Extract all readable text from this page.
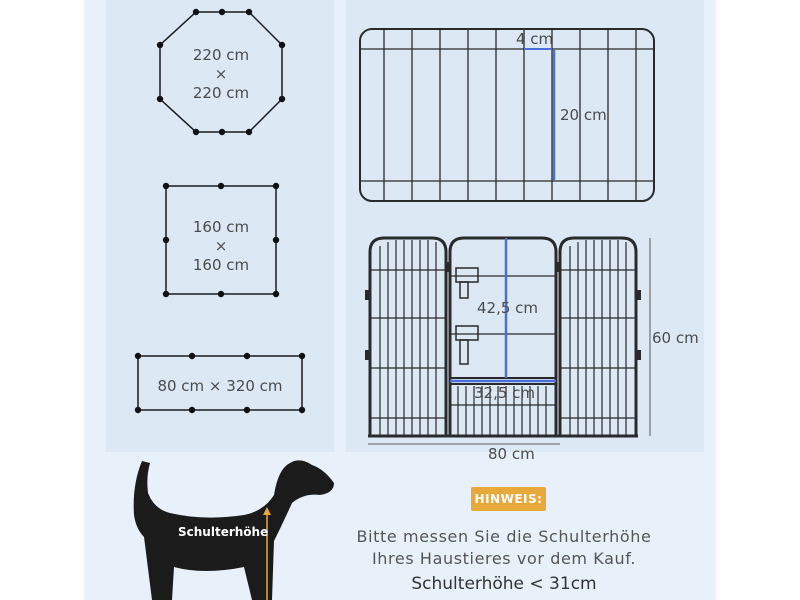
220 cm
×
220 cm
160 cm
×
160 cm
80 cm × 320 cm
4 cm
20 cm
42,5 cm
32,5 cm
60 cm
80 cm
Schulterhöhe
HINWEIS:
Bitte messen Sie die Schulterhöhe
Ihres Haustieres vor dem Kauf.
Schulterhöhe < 31cm
